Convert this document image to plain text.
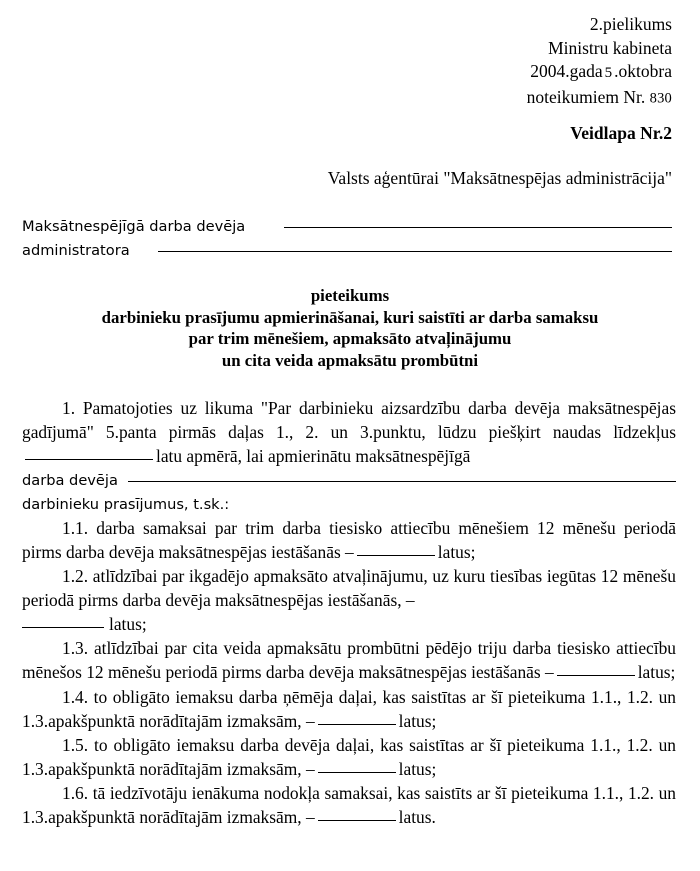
2.pielikums
Ministru kabineta
2004.gada 5 .oktobra
noteikumiem Nr. 830
Veidlapa Nr.2
Valsts aģentūrai "Maksātnespējas administrācija"
Maksātnespējīgā darba devēja
administratora
pieteikums
darbinieku prasījumu apmierināšanai, kuri saistīti ar darba samaksu
par trim mēnešiem, apmaksāto atvaļinājumu
un cita veida apmaksātu prombūtni

1. Pamatojoties uz likuma "Par darbinieku aizsardzību darba devēja maksātnespējas gadījumā" 5.panta pirmās daļas 1., 2. un 3.punktu, lūdzu piešķirt naudas līdzekļuslatu apmērā, lai apmierinātu maksātnespējīgā

darba devēja
darbinieku prasījumus, t.sk.:

1.1. darba samaksai par trim darba tiesisko attiecību mēnešiem 12 mēnešu periodā pirms darba devēja maksātnespējas iestāšanās –	latus;

1.2. atlīdzībai par ikgadējo apmaksāto atvaļinājumu, uz kuru tiesības iegūtas 12 mēnešu periodā pirms darba devēja maksātnespējas iestāšanās, –

latus;

1.3. atlīdzībai par cita veida apmaksātu prombūtni pēdējo triju darba tiesisko attiecību mēnešos 12 mēnešu periodā pirms darba devēja maksātnespējas iestāšanās –	latus;

1.4. to obligāto iemaksu darba ņēmēja daļai, kas saistītas ar šī pieteikuma 1.1., 1.2. un 1.3.apakšpunktā norādītajām izmaksām, –	latus;

1.5. to obligāto iemaksu darba devēja daļai, kas saistītas ar šī pieteikuma 1.1., 1.2. un 1.3.apakšpunktā norādītajām izmaksām, –	latus;

1.6. tā iedzīvotāju ienākuma nodokļa samaksai, kas saistīts ar šī pieteikuma 1.1., 1.2. un 1.3.apakšpunktā norādītajām izmaksām, –	latus.
